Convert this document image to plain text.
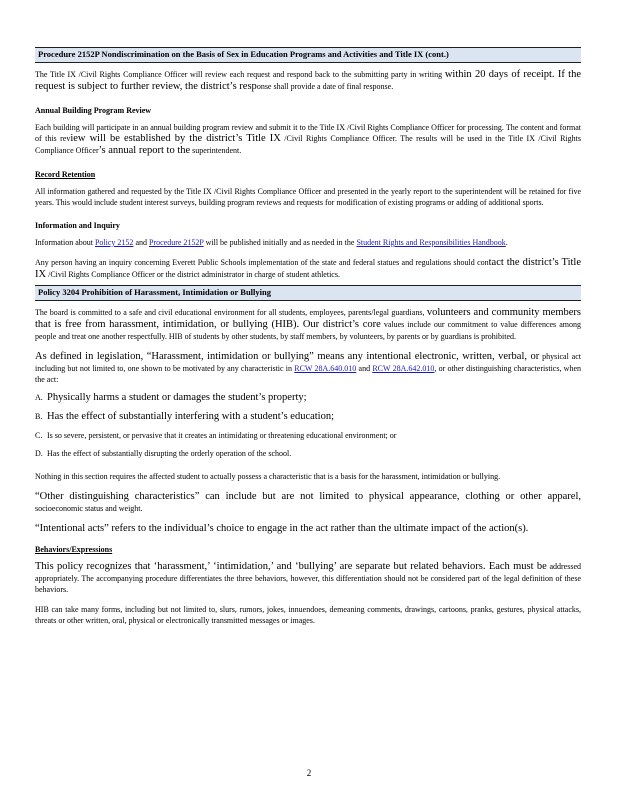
Procedure 2152P Nondiscrimination on the Basis of Sex in Education Programs and Activities and Title IX (cont.)

The Title IX /Civil Rights Compliance Officer will review each request and respond back to the submitting party in writing within 20 days of receipt. If the request is subject to further review, the district’s response shall provide a date of final response.

Annual Building Program Review

Each building will participate in an annual building program review and submit it to the Title IX /Civil Rights Compliance Officer for processing. The content and format of this review will be established by the district’s Title IX /Civil Rights Compliance Officer. The results will be used in the Title IX /Civil Rights Compliance Officer’s annual report to the superintendent.

Record Retention

All information gathered and requested by the Title IX /Civil Rights Compliance Officer and presented in the yearly report to the superintendent will be retained for five years. This would include student interest surveys, building program reviews and requests for modification of existing programs or adding of additional sports.

Information and Inquiry

Information about Policy 2152 and Procedure 2152P will be published initially and as needed in the Student Rights and Responsibilities Handbook.

Any person having an inquiry concerning Everett Public Schools implementation of the state and federal statues and regulations should contact the district’s Title IX /Civil Rights Compliance Officer or the district administrator in charge of student athletics.

Policy 3204 Prohibition of Harassment, Intimidation or Bullying

The board is committed to a safe and civil educational environment for all students, employees, parents/legal guardians, volunteers and community members that is free from harassment, intimidation, or bullying (HIB). Our district’s core values include our commitment to value differences among people and treat one another respectfully. HIB of students by other students, by staff members, by volunteers, by parents or by guardians is prohibited.

As defined in legislation, “Harassment, intimidation or bullying” means any intentional electronic, written, verbal, or physical act including but not limited to, one shown to be motivated by any characteristic in RCW 28A.640.010 and RCW 28A.642.010, or other distinguishing characteristics, when the act:

A. Physically harms a student or damages the student’s property;

B. Has the effect of substantially interfering with a student’s education;

C. Is so severe, persistent, or pervasive that it creates an intimidating or threatening educational environment; or

D. Has the effect of substantially disrupting the orderly operation of the school.

Nothing in this section requires the affected student to actually possess a characteristic that is a basis for the harassment, intimidation or bullying.

“Other distinguishing characteristics” can include but are not limited to physical appearance, clothing or other apparel, socioeconomic status and weight.

“Intentional acts” refers to the individual’s choice to engage in the act rather than the ultimate impact of the action(s).

Behaviors/Expressions

This policy recognizes that ‘harassment,’ ‘intimidation,’ and ‘bullying’ are separate but related behaviors. Each must be addressed appropriately. The accompanying procedure differentiates the three behaviors, however, this differentiation should not be considered part of the legal definition of these behaviors.

HIB can take many forms, including but not limited to, slurs, rumors, jokes, innuendoes, demeaning comments, drawings, cartoons, pranks, gestures, physical attacks, threats or other written, oral, physical or electronically transmitted messages or images.

2
